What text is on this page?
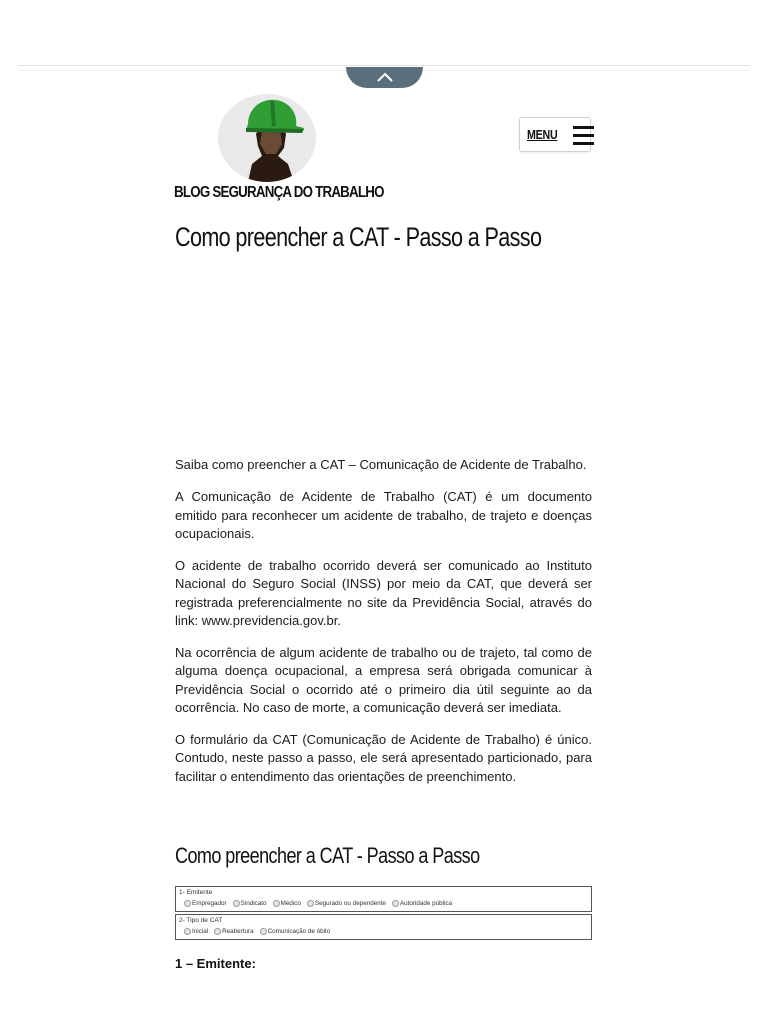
BLOG SEGURANÇA DO TRABALHO
MENU
Como preencher a CAT - Passo a Passo

Saiba como preencher a CAT – Comunicação de Acidente de Trabalho.

A Comunicação de Acidente de Trabalho (CAT) é um documento emitido para reconhecer um acidente de trabalho, de trajeto e doenças ocupacionais.

O acidente de trabalho ocorrido deverá ser comunicado ao Instituto Nacional do Seguro Social (INSS) por meio da CAT, que deverá ser registrada preferencialmente no site da Previdência Social, através do link: www.previdencia.gov.br.

Na ocorrência de algum acidente de trabalho ou de trajeto, tal como de alguma doença ocupacional, a empresa será obrigada comunicar à Previdência Social o ocorrido até o primeiro dia útil seguinte ao da ocorrência. No caso de morte, a comunicação deverá ser imediata.

O formulário da CAT (Comunicação de Acidente de Trabalho) é único. Contudo, neste passo a passo, ele será apresentado particionado, para facilitar o entendimento das orientações de preenchimento.

Como preencher a CAT - Passo a Passo
1- Emitente
Empregador Sindicato Médico Segurado ou dependente Autoridade pública
2- Tipo de CAT
Inicial Reabertura Comunicação de óbito
1 – Emitente:
